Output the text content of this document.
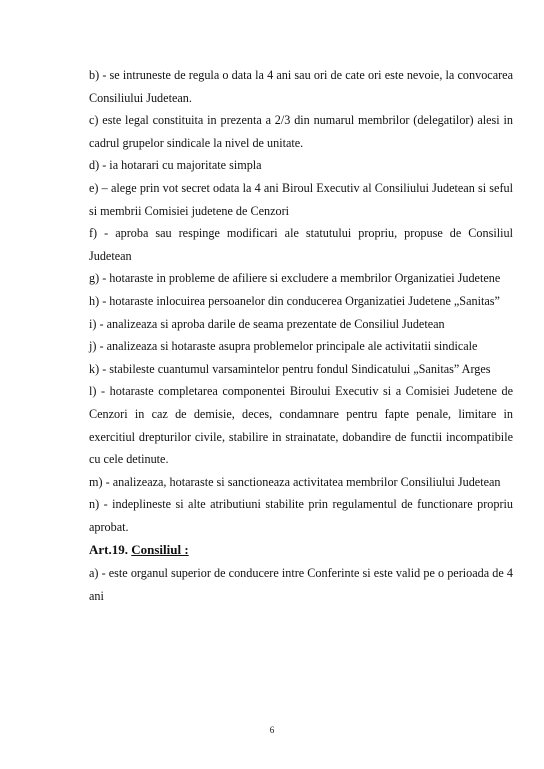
b) - se intruneste de regula o data la 4 ani sau ori de cate ori este nevoie, la convocarea Consiliului Judetean.

c) este legal constituita in prezenta a 2/3 din numarul membrilor (delegatilor) alesi in cadrul grupelor sindicale la nivel de unitate.

d) - ia hotarari cu majoritate simpla

e) – alege prin vot secret odata la 4 ani Biroul Executiv al Consiliului Judetean si seful si membrii Comisiei judetene de Cenzori

f) - aproba sau respinge modificari ale statutului propriu, propuse de Consiliul Judetean

g) - hotaraste in probleme de afiliere si excludere a membrilor Organizatiei Judetene

h) - hotaraste inlocuirea persoanelor din conducerea Organizatiei Judetene „Sanitas”

i) - analizeaza si aproba darile de seama prezentate de Consiliul Judetean

j) - analizeaza si hotaraste asupra problemelor principale ale activitatii sindicale

k) - stabileste cuantumul varsamintelor pentru fondul Sindicatului „Sanitas” Arges

l) - hotaraste completarea componentei Biroului Executiv si a Comisiei Judetene de Cenzori in caz de demisie, deces, condamnare pentru fapte penale, limitare in exercitiul drepturilor civile, stabilire in strainatate, dobandire de functii incompatibile cu cele detinute.

m) - analizeaza, hotaraste si sanctioneaza activitatea membrilor Consiliului Judetean

n) - indeplineste si alte atributiuni stabilite prin regulamentul de functionare propriu aprobat.

Art.19. Consiliul :

a) - este organul superior de conducere intre Conferinte si este valid pe o perioada de 4 ani

6
